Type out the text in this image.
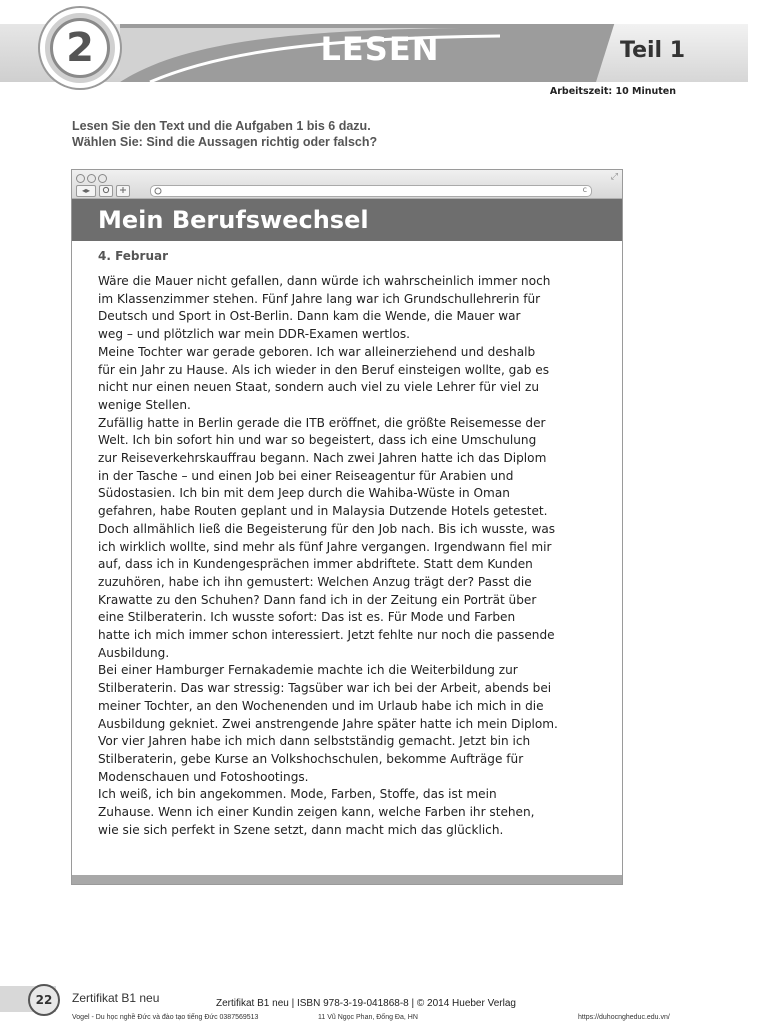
LESEN	Teil 1
2
Arbeitszeit: 10 Minuten
Lesen Sie den Text und die Aufgaben 1 bis 6 dazu.
Wählen Sie: Sind die Aussagen richtig oder falsch?
⤢
◂▸	c
Mein Berufswechsel
4. Februar

Wäre die Mauer nicht gefallen, dann würde ich wahrscheinlich immer noch

im Klassenzimmer stehen. Fünf Jahre lang war ich Grundschullehrerin für

Deutsch und Sport in Ost-Berlin. Dann kam die Wende, die Mauer war

weg – und plötzlich war mein DDR-Examen wertlos.

Meine Tochter war gerade geboren. Ich war alleinerziehend und deshalb

für ein Jahr zu Hause. Als ich wieder in den Beruf einsteigen wollte, gab es

nicht nur einen neuen Staat, sondern auch viel zu viele Lehrer für viel zu

wenige Stellen.

Zufällig hatte in Berlin gerade die ITB eröffnet, die größte Reisemesse der

Welt. Ich bin sofort hin und war so begeistert, dass ich eine Umschulung

zur Reiseverkehrskauffrau begann. Nach zwei Jahren hatte ich das Diplom

in der Tasche – und einen Job bei einer Reiseagentur für Arabien und

Südostasien. Ich bin mit dem Jeep durch die Wahiba-Wüste in Oman

gefahren, habe Routen geplant und in Malaysia Dutzende Hotels getestet.

Doch allmählich ließ die Begeisterung für den Job nach. Bis ich wusste, was

ich wirklich wollte, sind mehr als fünf Jahre vergangen. Irgendwann fiel mir

auf, dass ich in Kundengesprächen immer abdriftete. Statt dem Kunden

zuzuhören, habe ich ihn gemustert: Welchen Anzug trägt der? Passt die

Krawatte zu den Schuhen? Dann fand ich in der Zeitung ein Porträt über

eine Stilberaterin. Ich wusste sofort: Das ist es. Für Mode und Farben

hatte ich mich immer schon interessiert. Jetzt fehlte nur noch die passende

Ausbildung.

Bei einer Hamburger Fernakademie machte ich die Weiterbildung zur

Stilberaterin. Das war stressig: Tagsüber war ich bei der Arbeit, abends bei

meiner Tochter, an den Wochenenden und im Urlaub habe ich mich in die

Ausbildung gekniet. Zwei anstrengende Jahre später hatte ich mein Diplom.

Vor vier Jahren habe ich mich dann selbstständig gemacht. Jetzt bin ich

Stilberaterin, gebe Kurse an Volkshochschulen, bekomme Aufträge für

Modenschauen und Fotoshootings.

Ich weiß, ich bin angekommen. Mode, Farben, Stoffe, das ist mein

Zuhause. Wenn ich einer Kundin zeigen kann, welche Farben ihr stehen,

wie sie sich perfekt in Szene setzt, dann macht mich das glücklich.

22	Zertifikat B1 neu	Zertifikat B1 neu | ISBN 978-3-19-041868-8 | © 2014 Hueber Verlag
Vogel - Du học nghề Đức và đào tạo tiếng Đức 0387569513	11 Vũ Ngọc Phan, Đống Đa, HN	https://duhocngheduc.edu.vn/
